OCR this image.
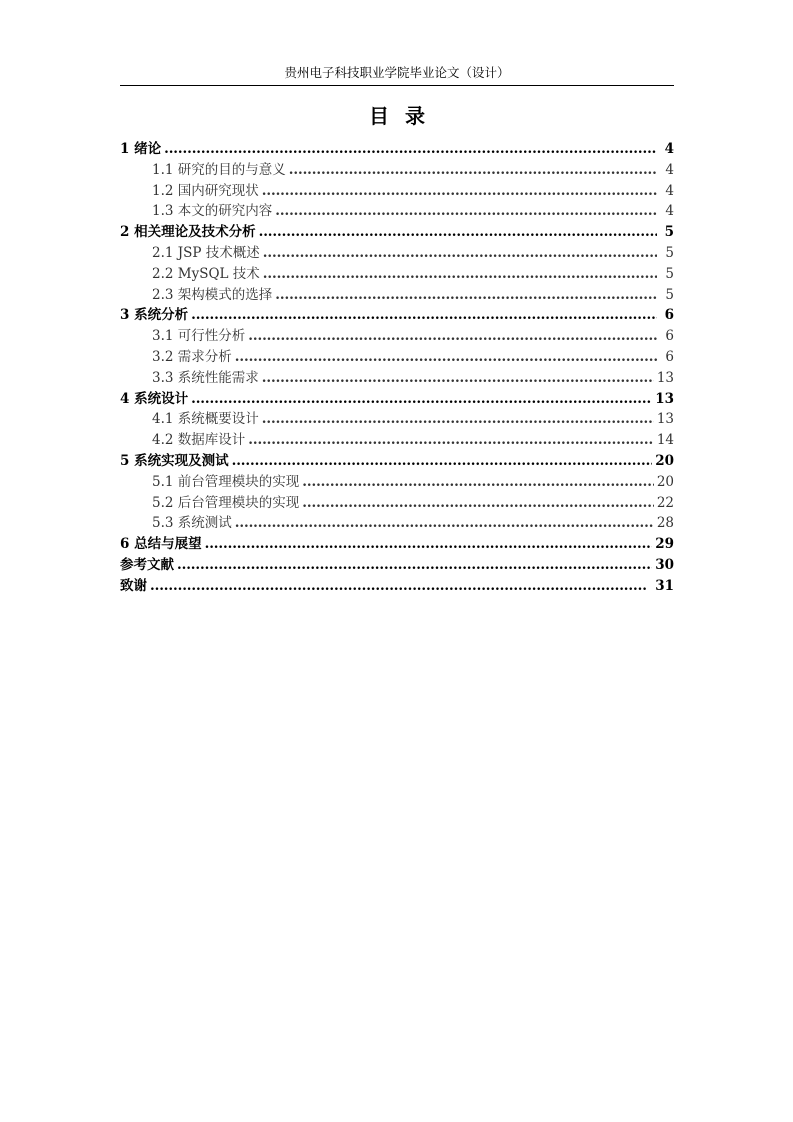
贵州电子科技职业学院毕业论文（设计）
目录
1 绪论 . . .	4
1.1 研究的目的与意义 . . .	4
1.2 国内研究现状 . . .	4
1.3 本文的研究内容 . . .	4
2 相关理论及技术分析 . . .	5
2.1 JSP 技术概述 . . .	5
2.2 MySQL 技术 . . .	5
2.3 架构模式的选择 . . .	5
3 系统分析 . . .	6
3.1 可行性分析 . . .	6
3.2 需求分析 . . .	6
3.3 系统性能需求 . . .	13
4 系统设计 . . .	13
4.1 系统概要设计 . . .	13
4.2 数据库设计 . . .	14
5 系统实现及测试 . . .	20
5.1 前台管理模块的实现 . . .	20
5.2 后台管理模块的实现 . . .	22
5.3 系统测试 . . .	28
6 总结与展望 . . .	29
参考文献 . . .	30
致谢 . . .	31
